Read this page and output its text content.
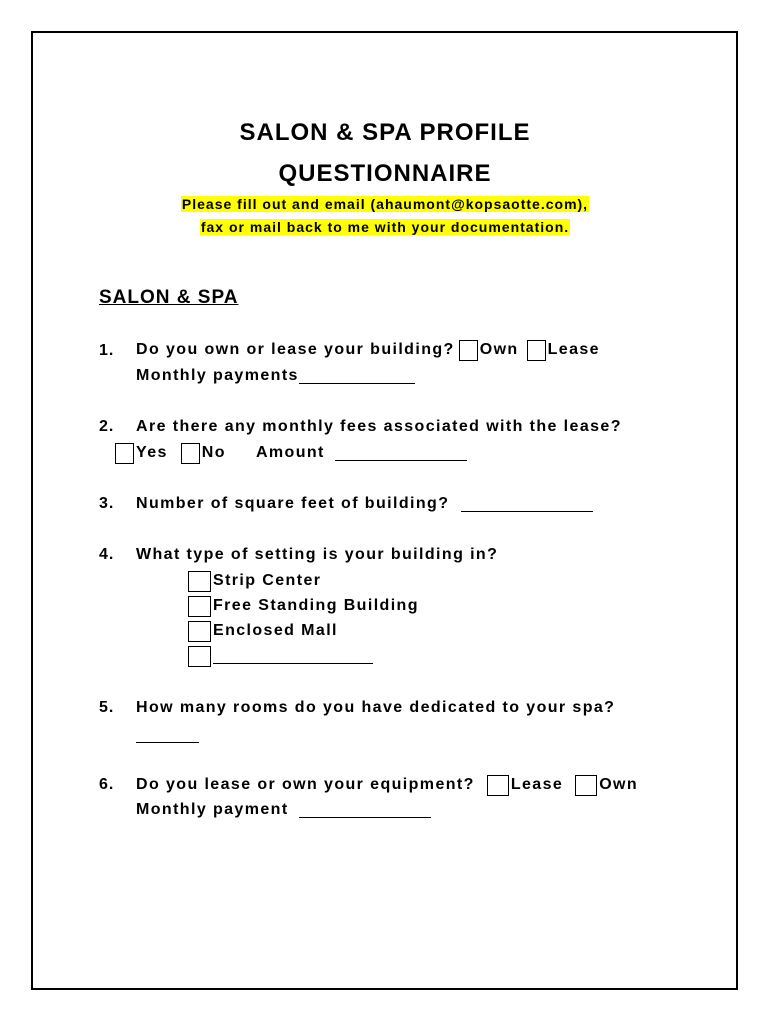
SALON & SPA PROFILE
QUESTIONNAIRE
Please fill out and email (ahaumont@kopsaotte.com),
fax or mail back to me with your documentation.
SALON & SPA
1. Do you own or lease your building? Own Lease
Monthly payments
2. Are there any monthly fees associated with the lease?
Yes No Amount
3. Number of square feet of building?
4. What type of setting is your building in?
Strip Center
Free Standing Building
Enclosed Mall
5. How many rooms do you have dedicated to your spa?
6. Do you lease or own your equipment? Lease Own
Monthly payment
